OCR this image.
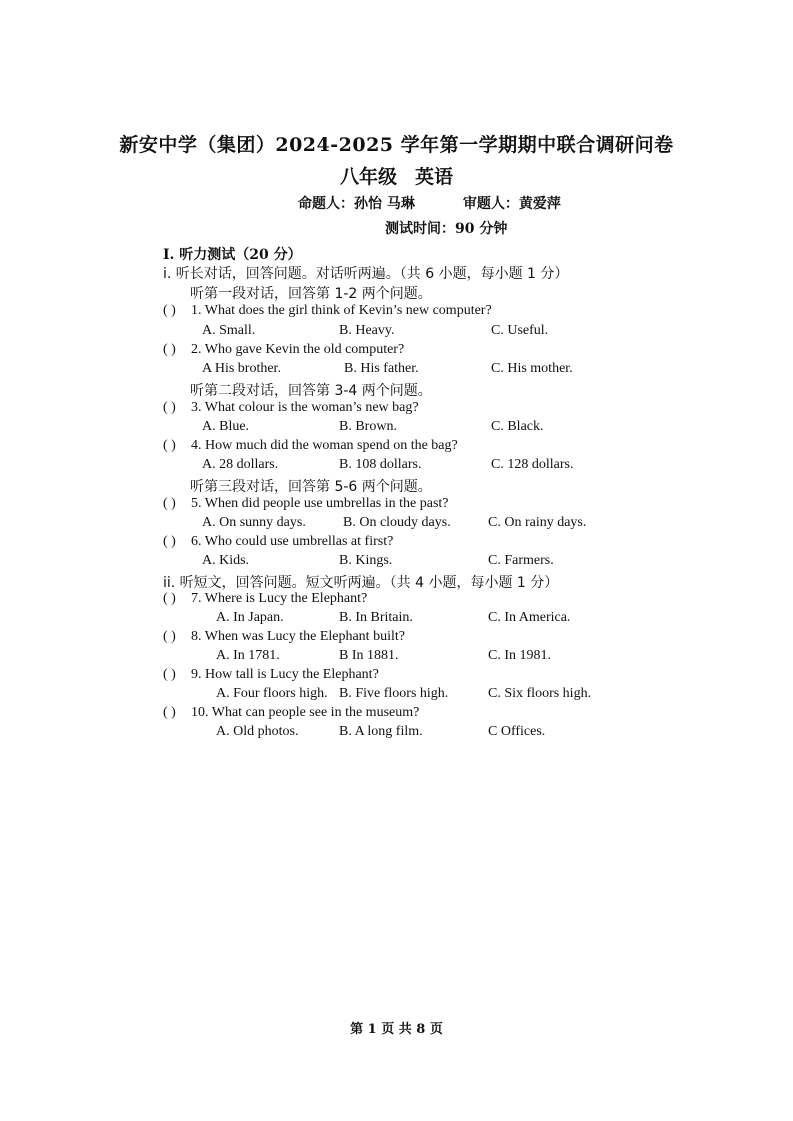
新安中学（集团）2024-2025 学年第一学期期中联合调研问卷
八年级 英语
命题人：孙怡 马琳	审题人：黄爱萍
测试时间：90 分钟
I. 听力测试（20 分）
i. 听长对话，回答问题。对话听两遍。（共 6 小题，每小题 1 分）
听第一段对话，回答第 1-2 两个问题。
( ) 1. What does the girl think of Kevin’s new computer?
A. Small.	B. Heavy.	C. Useful.
( ) 2. Who gave Kevin the old computer?
A His brother.	B. His father.	C. His mother.
听第二段对话，回答第 3-4 两个问题。
( ) 3. What colour is the woman’s new bag?
A. Blue.	B. Brown.	C. Black.
( ) 4. How much did the woman spend on the bag?
A. 28 dollars.	B. 108 dollars.	C. 128 dollars.
听第三段对话，回答第 5-6 两个问题。
( ) 5. When did people use umbrellas in the past?
A. On sunny days.	B. On cloudy days.	C. On rainy days.
( ) 6. Who could use umbrellas at first?
A. Kids.	B. Kings.	C. Farmers.
ii. 听短文，回答问题。短文听两遍。（共 4 小题，每小题 1 分）
( ) 7. Where is Lucy the Elephant?
A. In Japan.	B. In Britain.	C. In America.
( ) 8. When was Lucy the Elephant built?
A. In 1781.	B In 1881.	C. In 1981.
( ) 9. How tall is Lucy the Elephant?
A. Four floors high. B. Five floors high.	C. Six floors high.
( ) 10. What can people see in the museum?
A. Old photos.	B. A long film.	C Offices.
第 1 页 共 8 页
